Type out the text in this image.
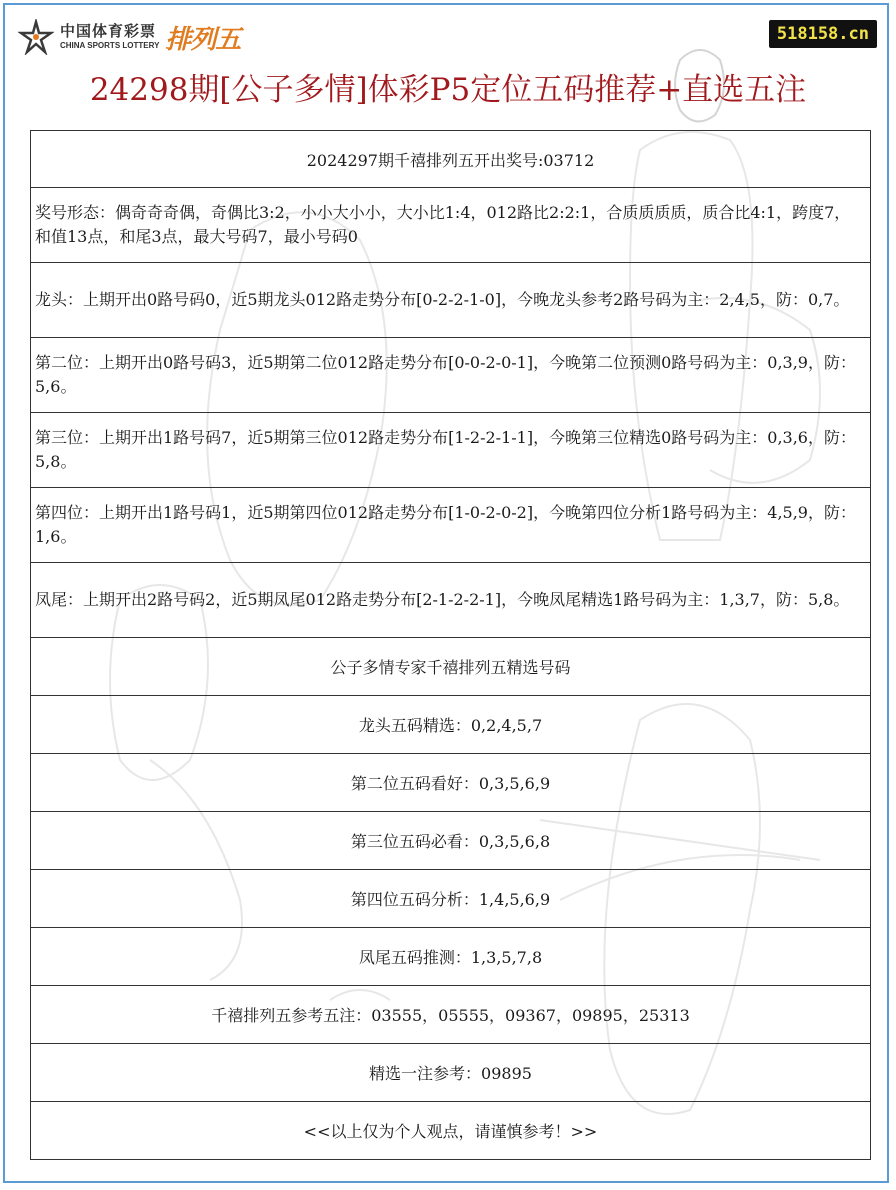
中国体育彩票
CHINA SPORTS LOTTERY 排列五	518158.cn
24298期[公子多情]体彩P5定位五码推荐+直选五注
2024297期千禧排列五开出奖号:03712
奖号形态：偶奇奇奇偶，奇偶比3:2，小小大小小，大小比1:4，012路比2:2:1，合质质质质，质合比4:1，跨度7，和值13点，和尾3点，最大号码7，最小号码0
龙头：上期开出0路号码0，近5期龙头012路走势分布[0-2-2-1-0]，今晚龙头参考2路号码为主：2,4,5，防：0,7。
第二位：上期开出0路号码3，近5期第二位012路走势分布[0-0-2-0-1]，今晚第二位预测0路号码为主：0,3,9，防：5,6。
第三位：上期开出1路号码7，近5期第三位012路走势分布[1-2-2-1-1]，今晚第三位精选0路号码为主：0,3,6，防：5,8。
第四位：上期开出1路号码1，近5期第四位012路走势分布[1-0-2-0-2]，今晚第四位分析1路号码为主：4,5,9，防：1,6。
凤尾：上期开出2路号码2，近5期凤尾012路走势分布[2-1-2-2-1]，今晚凤尾精选1路号码为主：1,3,7，防：5,8。
公子多情专家千禧排列五精选号码
龙头五码精选：0,2,4,5,7
第二位五码看好：0,3,5,6,9
第三位五码必看：0,3,5,6,8
第四位五码分析：1,4,5,6,9
凤尾五码推测：1,3,5,7,8
千禧排列五参考五注：03555，05555，09367，09895，25313
精选一注参考：09895
<<以上仅为个人观点，请谨慎参考！>>
